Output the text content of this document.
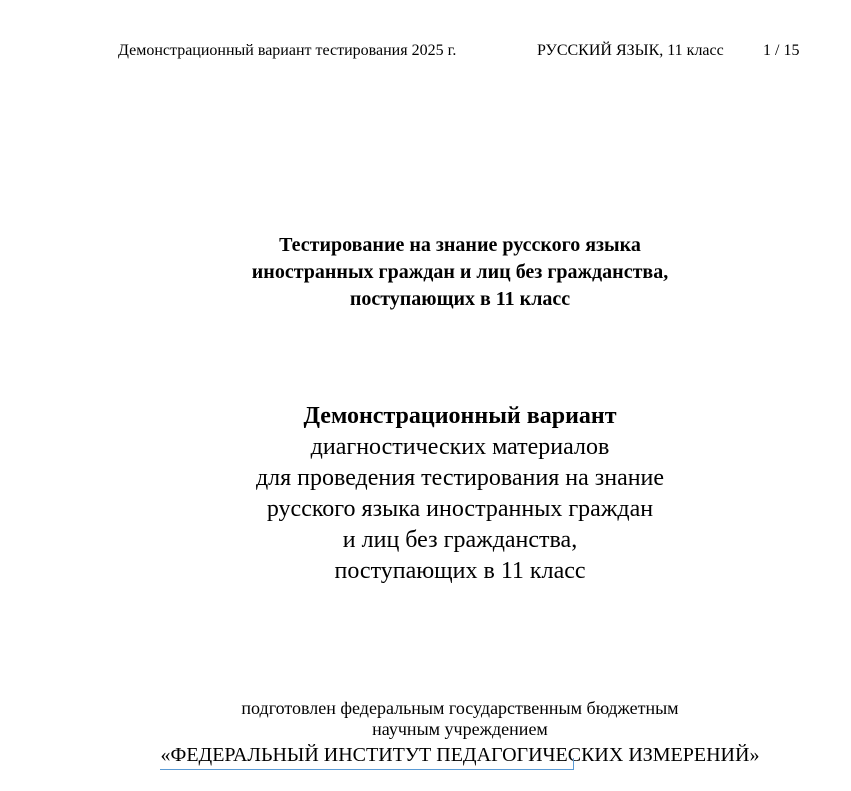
Демонстрационный вариант тестирования 2025 г.	РУССКИЙ ЯЗЫК, 11 класс 1 / 15
Тестирование на знание русского языка
иностранных граждан и лиц без гражданства,
поступающих в 11 класс
Демонстрационный вариант
диагностических материалов
для проведения тестирования на знание
русского языка иностранных граждан
и лиц без гражданства,
поступающих в 11 класс
подготовлен федеральным государственным бюджетным
научным учреждением
«ФЕДЕРАЛЬНЫЙ ИНСТИТУТ ПЕДАГОГИЧЕСКИХ ИЗМЕРЕНИЙ»
